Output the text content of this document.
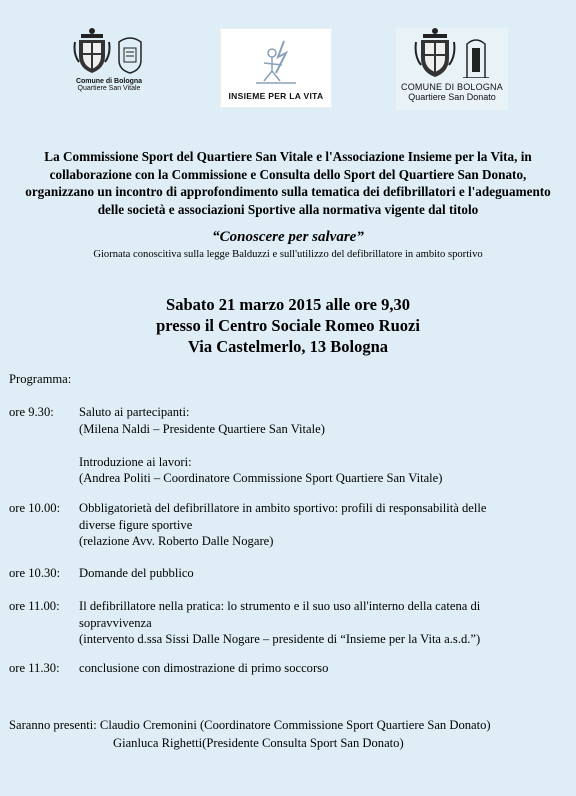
Comune di Bologna
Quartiere San Vitale
INSIEME PER LA VITA
COMUNE DI BOLOGNA
Quartiere San Donato
La Commissione Sport del Quartiere San Vitale e l'Associazione Insieme per la Vita, in collaborazione con la Commissione e Consulta dello Sport del Quartiere San Donato, organizzano un incontro di approfondimento sulla tematica dei defibrillatori e l'adeguamento delle società e associazioni Sportive alla normativa vigente dal titolo
“Conoscere per salvare”
Giornata conoscitiva sulla legge Balduzzi e sull'utilizzo del defibrillatore in ambito sportivo
Sabato 21 marzo 2015 alle ore 9,30
presso il Centro Sociale Romeo Ruozi
Via Castelmerlo, 13 Bologna
Programma:
ore 9.30:	Saluto ai partecipanti:
(Milena Naldi – Presidente Quartiere San Vitale)
Introduzione ai lavori:
(Andrea Politi – Coordinatore Commissione Sport Quartiere San Vitale)
ore 10.00:	Obbligatorietà del defibrillatore in ambito sportivo: profili di responsabilità delle
diverse figure sportive
(relazione Avv. Roberto Dalle Nogare)
ore 10.30:	Domande del pubblico
ore 11.00:	Il defibrillatore nella pratica: lo strumento e il suo uso all'interno della catena di
sopravvivenza
(intervento d.ssa Sissi Dalle Nogare – presidente di “Insieme per la Vita a.s.d.”)
ore 11.30:	conclusione con dimostrazione di primo soccorso
Saranno presenti: Claudio Cremonini (Coordinatore Commissione Sport Quartiere San Donato)
Gianluca Righetti(Presidente Consulta Sport San Donato)
